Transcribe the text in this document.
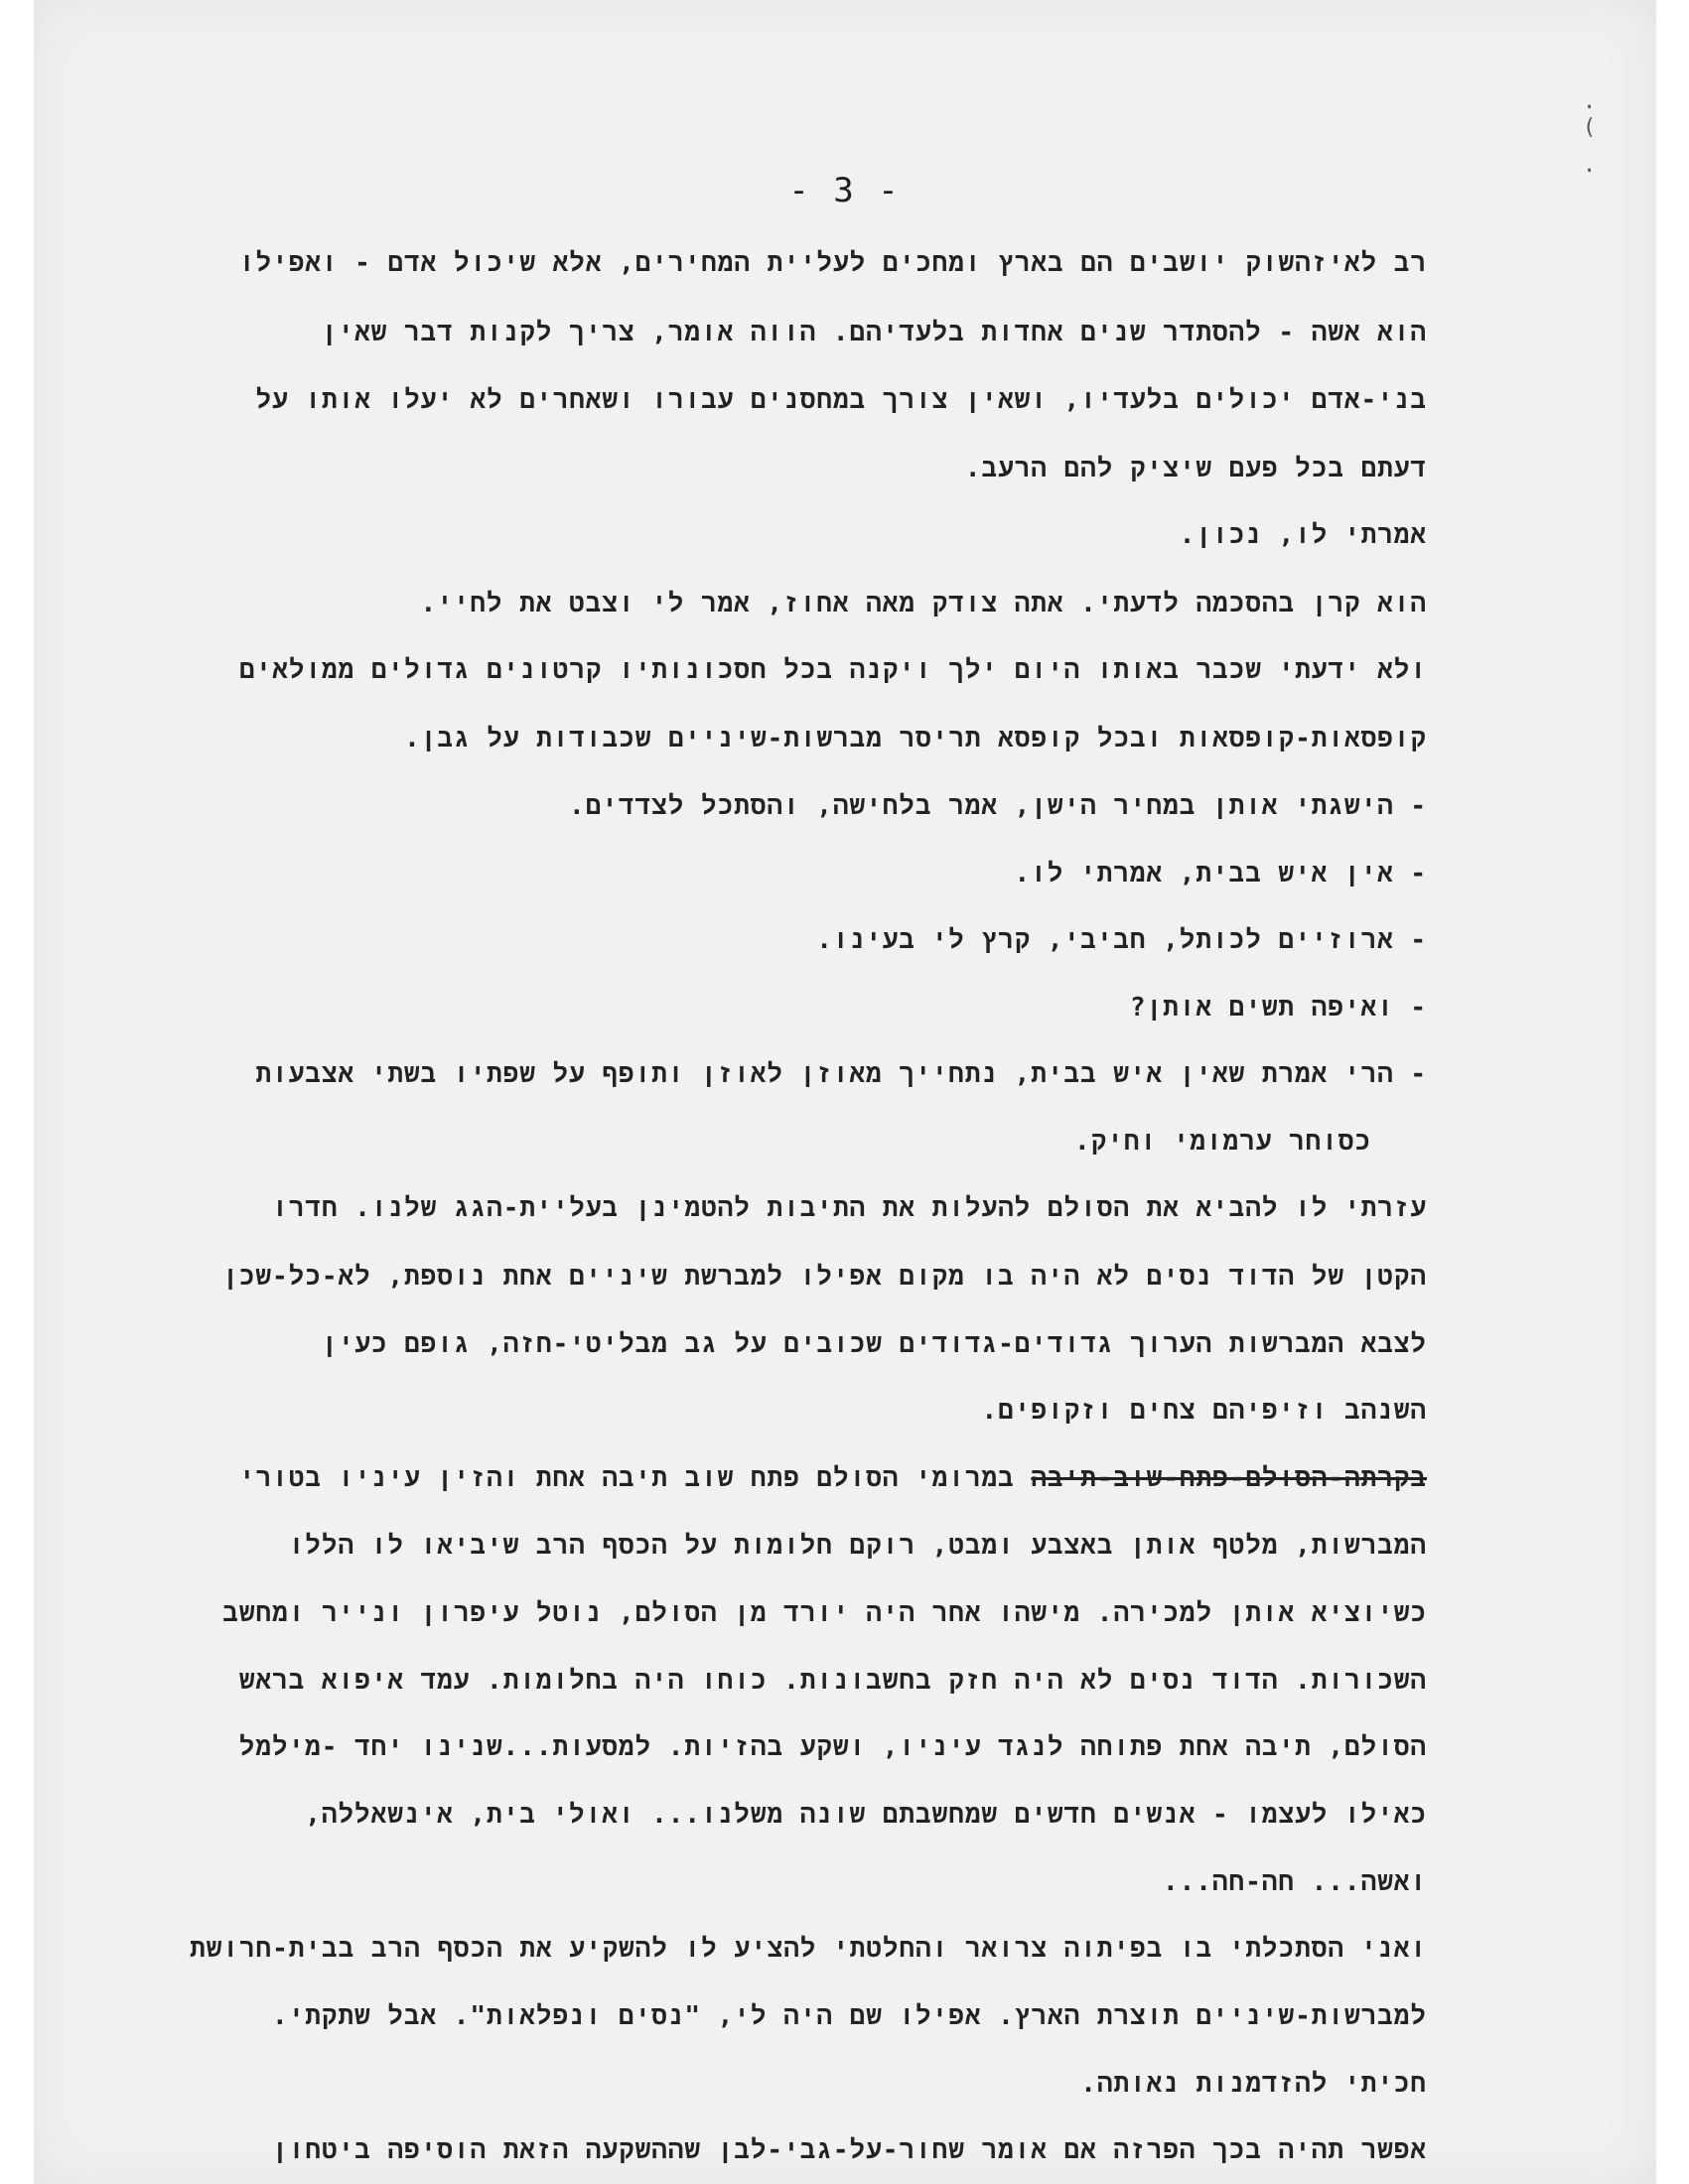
·
(
·
- 3 -
רב לאיזהשוק יושבים הם בארץ ומחכים לעליית המחירים, אלא שיכול אדם - ואפילו
הוא אשה - להסתדר שנים אחדות בלעדיהם. הווה אומר, צריך לקנות דבר שאין
בני-אדם יכולים בלעדיו, ושאין צורך במחסנים עבורו ושאחרים לא יעלו אותו על
דעתם בכל פעם שיציק להם הרעב.
אמרתי לו, נכון.
הוא קרן בהסכמה לדעתי. אתה צודק מאה אחוז, אמר לי וצבט את לחיי.
ולא ידעתי שכבר באותו היום ילך ויקנה בכל חסכונותיו קרטונים גדולים ממולאים
קופסאות-קופסאות ובכל קופסא תריסר מברשות-שיניים שכבודות על גבן.
- הישגתי אותן במחיר הישן, אמר בלחישה, והסתכל לצדדים.
- אין איש בבית, אמרתי לו.
- ארוזיים לכותל, חביבי, קרץ לי בעינו.
- ואיפה תשים אותן?
- הרי אמרת שאין איש בבית, נתחייך מאוזן לאוזן ותופף על שפתיו בשתי אצבעות
כסוחר ערמומי וחיק.
עזרתי לו להביא את הסולם להעלות את התיבות להטמינן בעליית-הגג שלנו. חדרו
הקטן של הדוד נסים לא היה בו מקום אפילו למברשת שיניים אחת נוספת, לא-כל-שכן
לצבא המברשות הערוך גדודים-גדודים שכובים על גב מבליטי-חזה, גופם כעין
השנהב וזיפיהם צחים וזקופים.
בקרתה-הסולם-פתח-שוב-תיבה במרומי הסולם פתח שוב תיבה אחת והזין עיניו בטורי
המברשות, מלטף אותן באצבע ומבט, רוקם חלומות על הכסף הרב שיביאו לו הללו
כשיוציא אותן למכירה. מישהו אחר היה יורד מן הסולם, נוטל עיפרון ונייר ומחשב
השכורות. הדוד נסים לא היה חזק בחשבונות. כוחו היה בחלומות. עמד איפוא בראש
הסולם, תיבה אחת פתוחה לנגד עיניו, ושקע בהזיות. למסעות...שנינו יחד -מילמל
כאילו לעצמו - אנשים חדשים שמחשבתם שונה משלנו... ואולי בית, אינשאללה,
ואשה... חה-חה...
ואני הסתכלתי בו בפיתוה צרואר והחלטתי להציע לו להשקיע את הכסף הרב בבית-חרושת
למברשות-שיניים תוצרת הארץ. אפילו שם היה לי, "נסים ונפלאות". אבל שתקתי.
חכיתי להזדמנות נאותה.
אפשר תהיה בכך הפרזה אם אומר שחור-על-גבי-לבן שההשקעה הזאת הוסיפה ביטחון
